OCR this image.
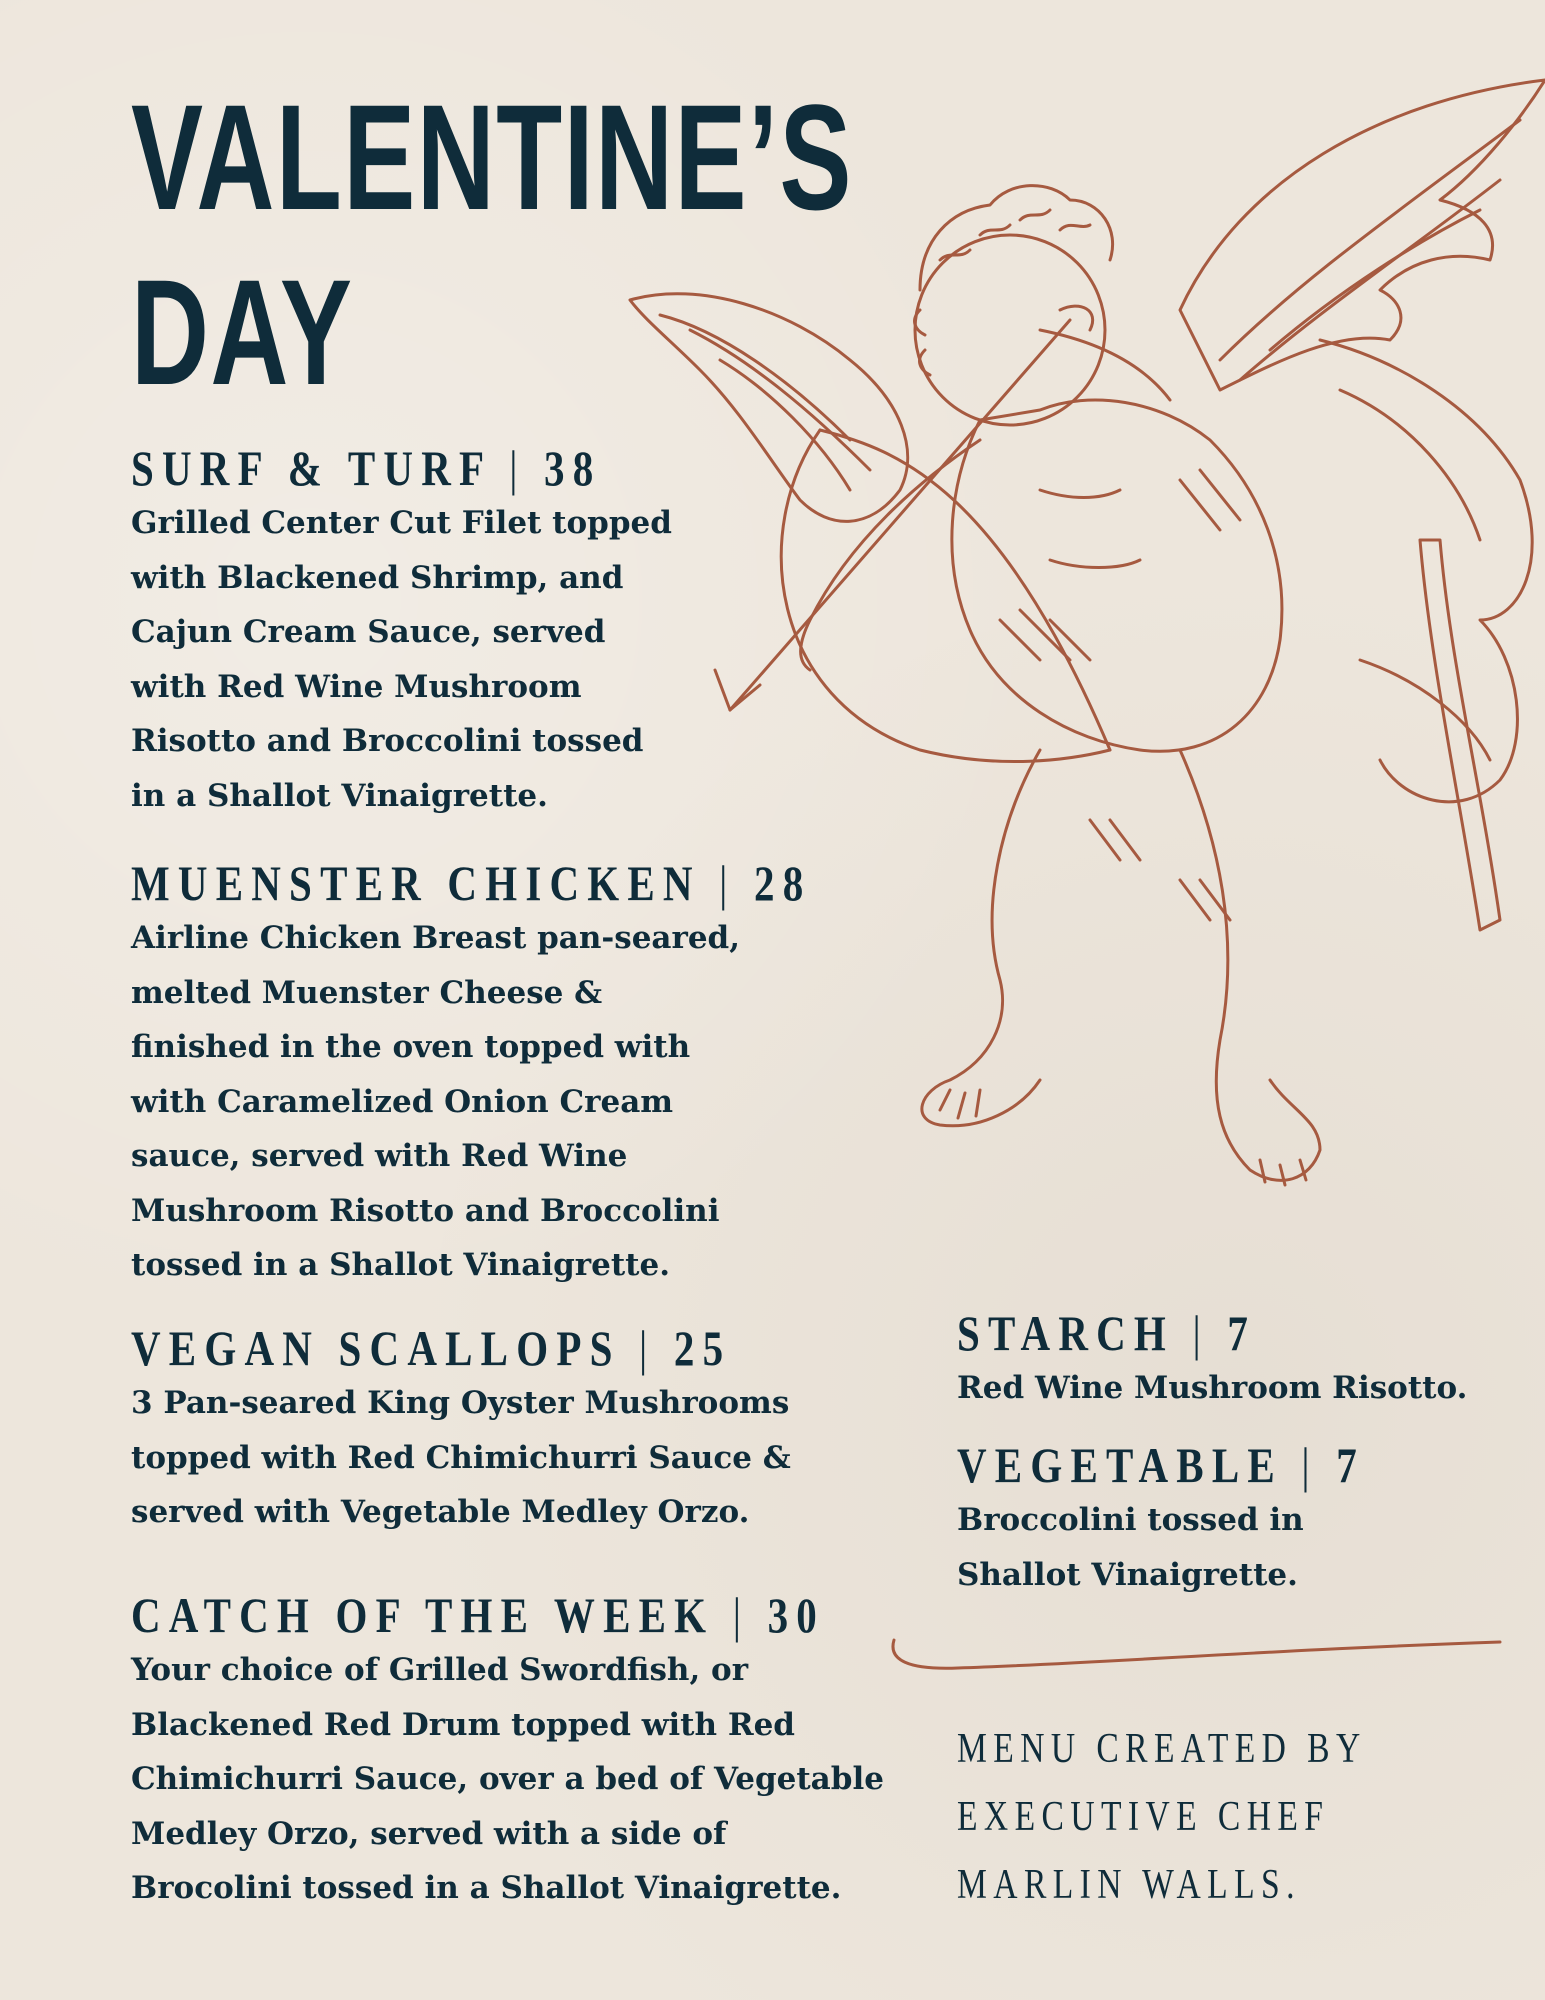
VALENTINE’S
DAY
SURF & TURF | 38
Grilled Center Cut Filet topped
with Blackened Shrimp, and
Cajun Cream Sauce, served
with Red Wine Mushroom
Risotto and Broccolini tossed
in a Shallot Vinaigrette.
MUENSTER CHICKEN | 28
Airline Chicken Breast pan-seared,
melted Muenster Cheese &
finished in the oven topped with
with Caramelized Onion Cream
sauce, served with Red Wine
Mushroom Risotto and Broccolini
tossed in a Shallot Vinaigrette.
VEGAN SCALLOPS | 25
3 Pan-seared King Oyster Mushrooms
topped with Red Chimichurri Sauce &
served with Vegetable Medley Orzo.
CATCH OF THE WEEK | 30
Your choice of Grilled Swordfish, or
Blackened Red Drum topped with Red
Chimichurri Sauce, over a bed of Vegetable
Medley Orzo, served with a side of
Brocolini tossed in a Shallot Vinaigrette.
STARCH | 7
Red Wine Mushroom Risotto.
VEGETABLE | 7
Broccolini tossed in
Shallot Vinaigrette.
MENU CREATED BY
EXECUTIVE CHEF
MARLIN WALLS.
